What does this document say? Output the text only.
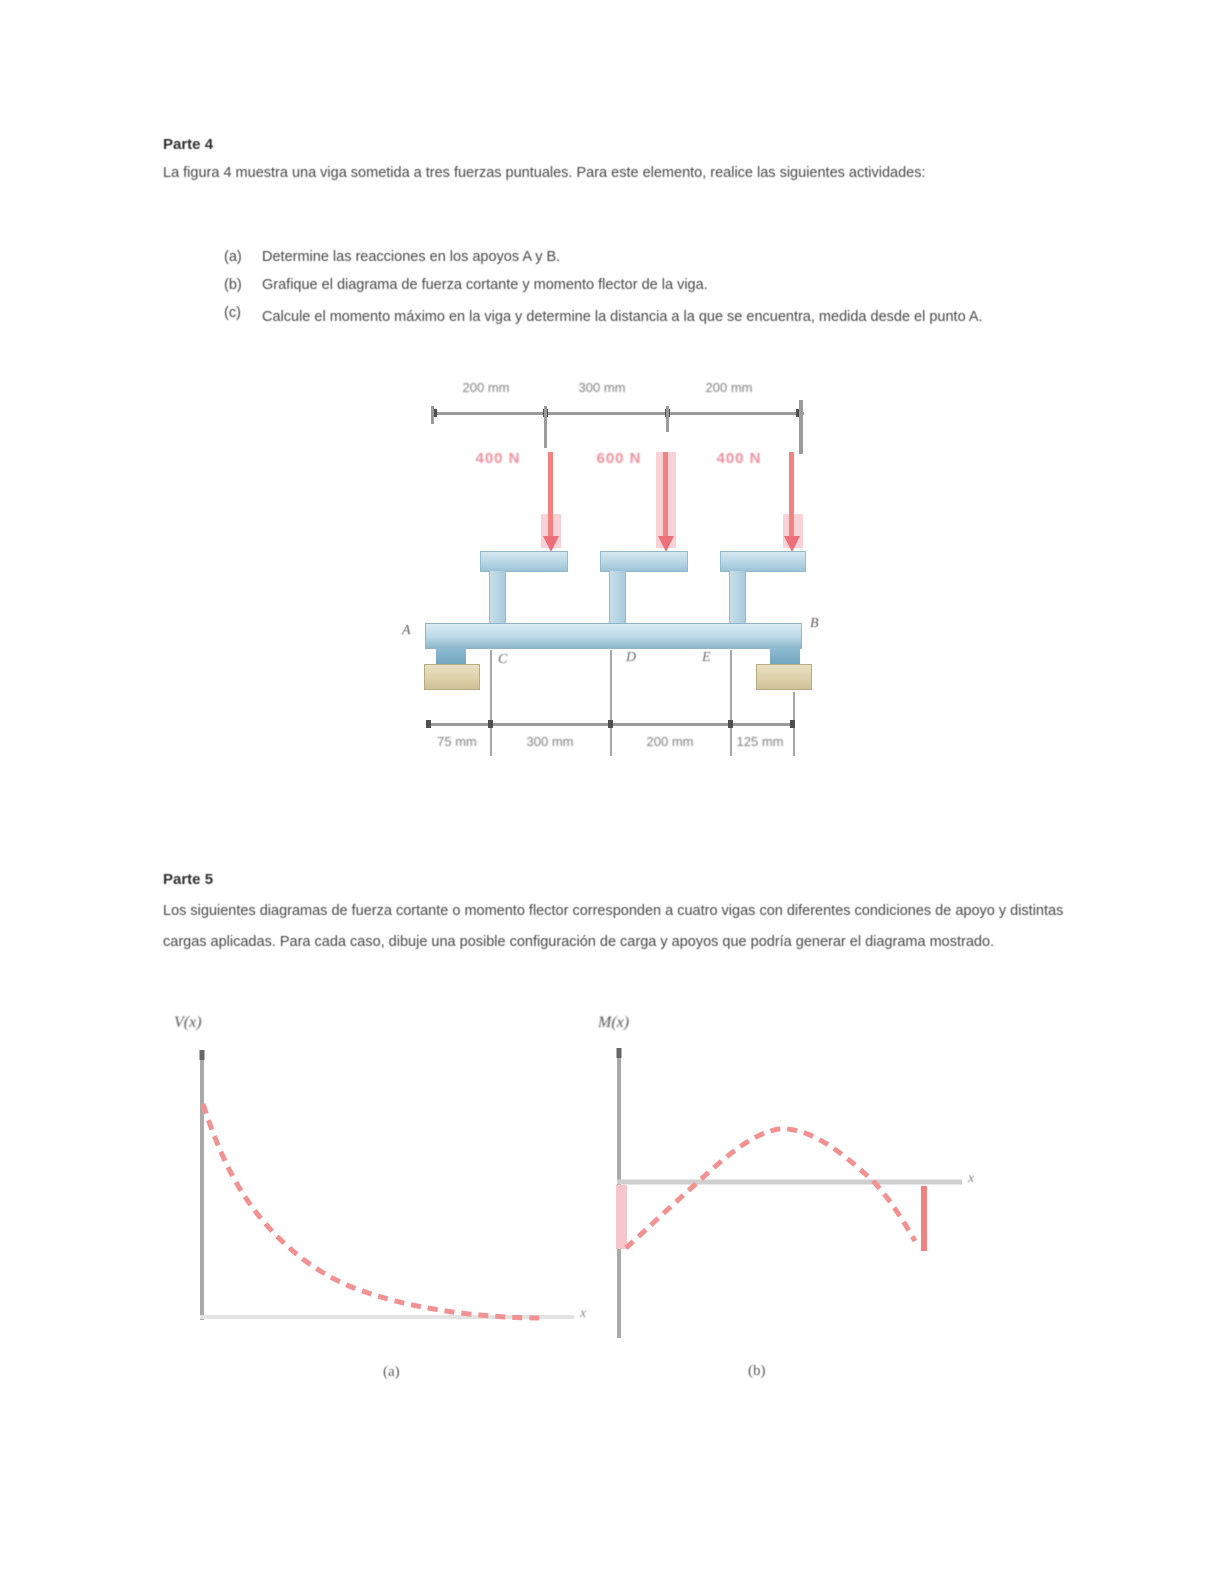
Parte 4
La figura 4 muestra una viga sometida a tres fuerzas puntuales. Para este elemento, realice las siguientes actividades:
(a)	Determine las reacciones en los apoyos A y B.
(b)	Grafique el diagrama de fuerza cortante y momento flector de la viga.
(c)	Calcule el momento máximo en la viga y determine la distancia a la que se encuentra, medida desde el punto A.
200 mm	300 mm	200 mm
400 N	600 N	400 N
A	B
C	D	E
75 mm	300 mm	200 mm	125 mm
Parte 5
Los siguientes diagramas de fuerza cortante o momento flector corresponden a cuatro vigas con diferentes condiciones de apoyo y distintas cargas aplicadas. Para cada caso, dibuje una posible configuración de carga y apoyos que podría generar el diagrama mostrado.
V(x)
x
(a)
M(x)
x
(b)
